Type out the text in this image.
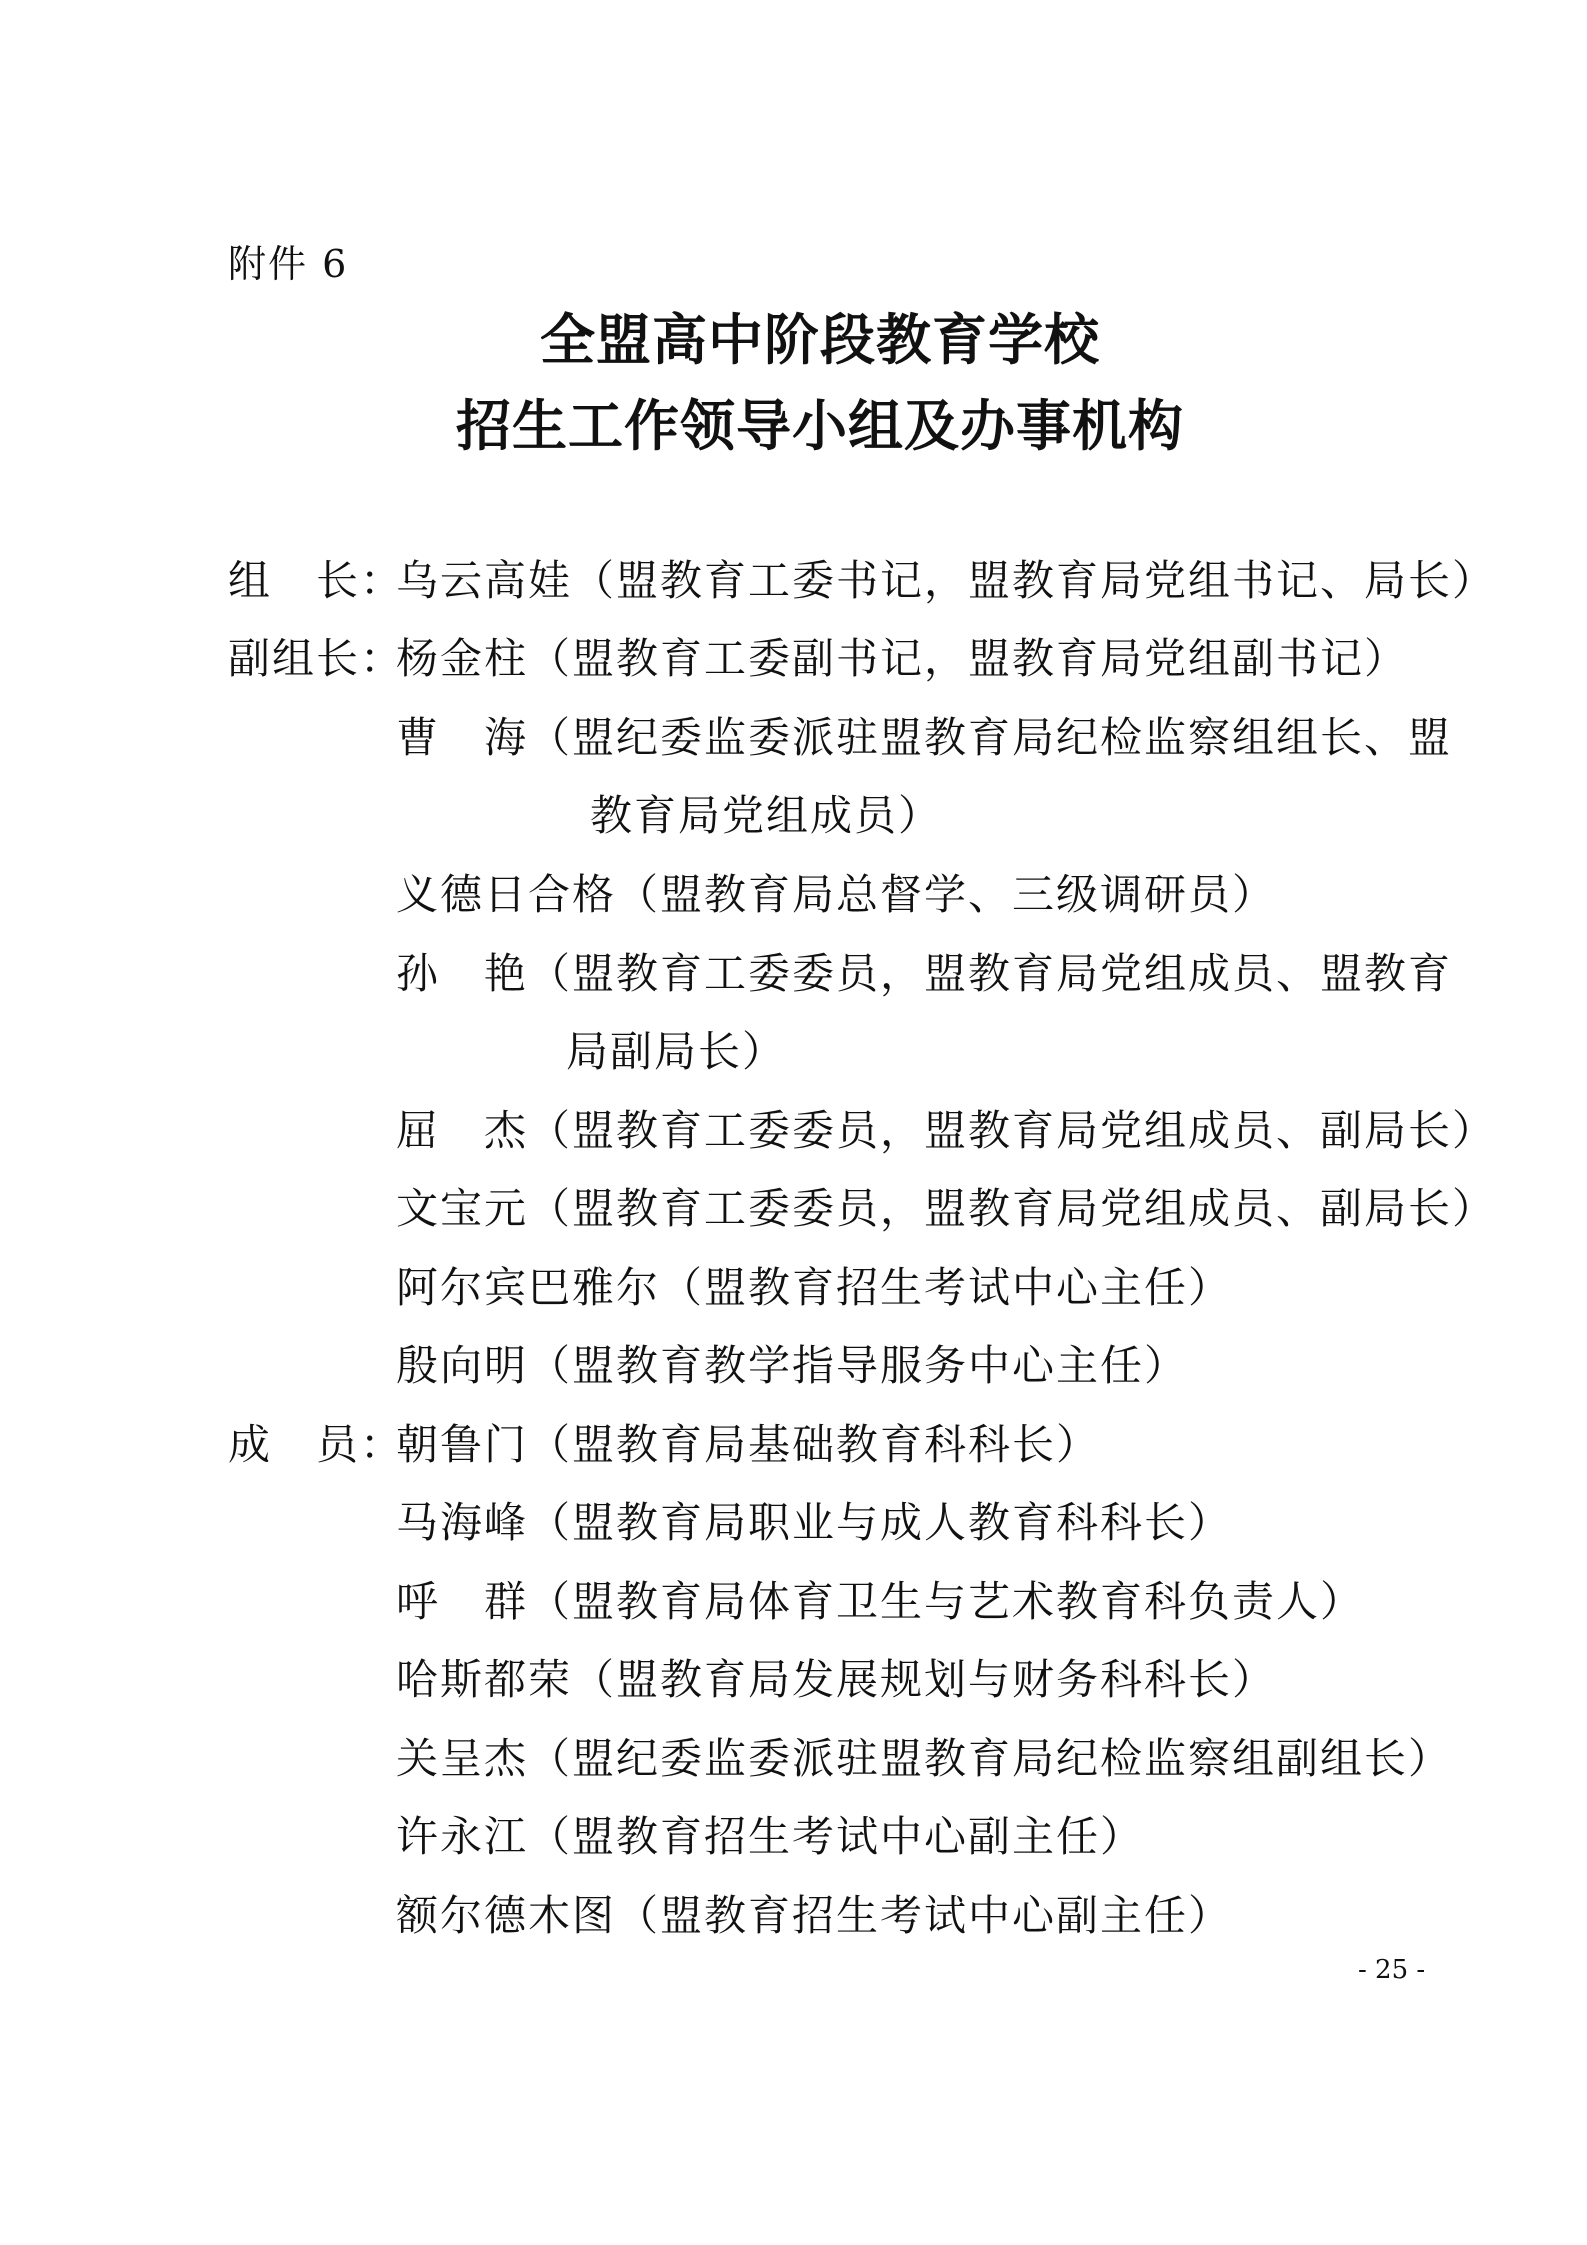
附件 6
全盟高中阶段教育学校
招生工作领导小组及办事机构
组　长：
乌云高娃（盟教育工委书记，盟教育局党组书记、局长）
副组长：
杨金柱（盟教育工委副书记，盟教育局党组副书记）
曹　海（盟纪委监委派驻盟教育局纪检监察组组长、盟
教育局党组成员）
义德日合格（盟教育局总督学、三级调研员）
孙　艳（盟教育工委委员，盟教育局党组成员、盟教育
局副局长）
屈　杰（盟教育工委委员，盟教育局党组成员、副局长）
文宝元（盟教育工委委员，盟教育局党组成员、副局长）
阿尔宾巴雅尔（盟教育招生考试中心主任）
殷向明（盟教育教学指导服务中心主任）
成　员：
朝鲁门（盟教育局基础教育科科长）
马海峰（盟教育局职业与成人教育科科长）
呼　群（盟教育局体育卫生与艺术教育科负责人）
哈斯都荣（盟教育局发展规划与财务科科长）
关呈杰（盟纪委监委派驻盟教育局纪检监察组副组长）
许永江（盟教育招生考试中心副主任）
额尔德木图（盟教育招生考试中心副主任）
- 25 -
